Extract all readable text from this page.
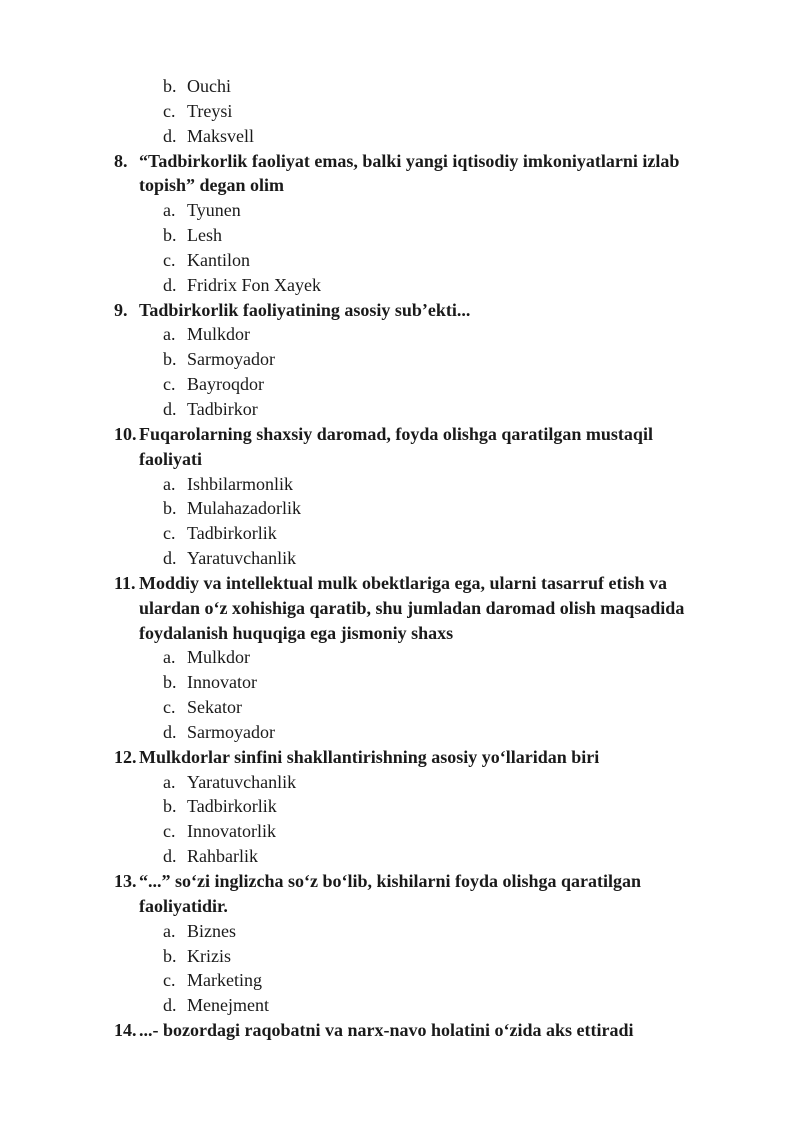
b. Ouchi
c. Treysi
d. Maksvell
8. “Tadbirkorlik faoliyat emas, balki yangi iqtisodiy imkoniyatlarni izlab
topish” degan olim
a. Tyunen
b. Lesh
c. Kantilon
d. Fridrix Fon Xayek
9. Tadbirkorlik faoliyatining asosiy sub’ekti...
a. Mulkdor
b. Sarmoyador
c. Bayroqdor
d. Tadbirkor
10. Fuqarolarning shaxsiy daromad, foyda olishga qaratilgan mustaqil
faoliyati
a. Ishbilarmonlik
b. Mulahazadorlik
c. Tadbirkorlik
d. Yaratuvchanlik
11. Moddiy va intellektual mulk obektlariga ega, ularni tasarruf etish va
ulardan o‘z xohishiga qaratib, shu jumladan daromad olish maqsadida
foydalanish huquqiga ega jismoniy shaxs
a. Mulkdor
b. Innovator
c. Sekator
d. Sarmoyador
12. Mulkdorlar sinfini shakllantirishning asosiy yo‘llaridan biri
a. Yaratuvchanlik
b. Tadbirkorlik
c. Innovatorlik
d. Rahbarlik
13. “...” so‘zi inglizcha so‘z bo‘lib, kishilarni foyda olishga qaratilgan
faoliyatidir.
a. Biznes
b. Krizis
c. Marketing
d. Menejment
14. ...- bozordagi raqobatni va narx-navo holatini o‘zida aks ettiradi
